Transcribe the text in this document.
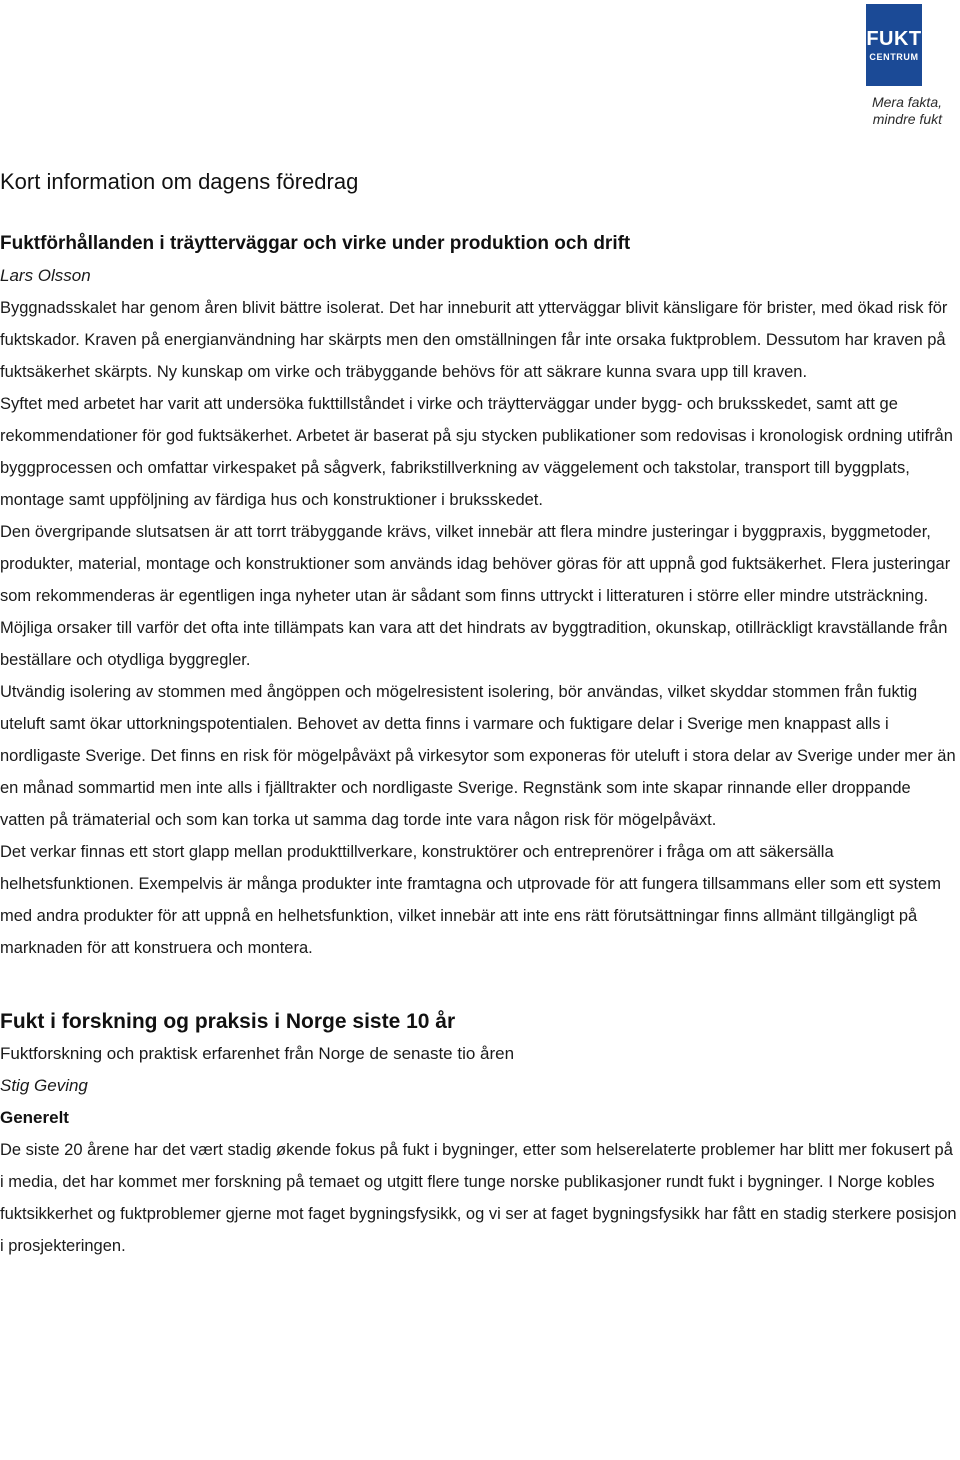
FUKT
CENTRUM
Mera fakta,
mindre fukt
Kort information om dagens föredrag
Fuktförhållanden i träytterväggar och virke under produktion och drift

Lars Olsson

Byggnadsskalet har genom åren blivit bättre isolerat. Det har inneburit att ytterväggar blivit känsligare för brister, med ökad risk för fuktskador. Kraven på energianvändning har skärpts men den omställningen får inte orsaka fuktproblem. Dessutom har kraven på fuktsäkerhet skärpts. Ny kunskap om virke och träbyggande behövs för att säkrare kunna svara upp till kraven.

Syftet med arbetet har varit att undersöka fukttillståndet i virke och träytterväggar under bygg- och bruksskedet, samt att ge rekommendationer för god fuktsäkerhet. Arbetet är baserat på sju stycken publikationer som redovisas i kronologisk ordning utifrån byggprocessen och omfattar virkespaket på sågverk, fabrikstillverkning av väggelement och takstolar, transport till byggplats, montage samt uppföljning av färdiga hus och konstruktioner i bruksskedet.

Den övergripande slutsatsen är att torrt träbyggande krävs, vilket innebär att flera mindre justeringar i byggpraxis, byggmetoder, produkter, material, montage och konstruktioner som används idag behöver göras för att uppnå god fuktsäkerhet. Flera justeringar som rekommenderas är egentligen inga nyheter utan är sådant som finns uttryckt i litteraturen i större eller mindre utsträckning. Möjliga orsaker till varför det ofta inte tillämpats kan vara att det hindrats av byggtradition, okunskap, otillräckligt kravställande från beställare och otydliga byggregler.

Utvändig isolering av stommen med ångöppen och mögelresistent isolering, bör användas, vilket skyddar stommen från fuktig uteluft samt ökar uttorkningspotentialen. Behovet av detta finns i varmare och fuktigare delar i Sverige men knappast alls i nordligaste Sverige. Det finns en risk för mögelpåväxt på virkesytor som exponeras för uteluft i stora delar av Sverige under mer än en månad sommartid men inte alls i fjälltrakter och nordligaste Sverige. Regnstänk som inte skapar rinnande eller droppande vatten på trämaterial och som kan torka ut samma dag torde inte vara någon risk för mögelpåväxt.

Det verkar finnas ett stort glapp mellan produkttillverkare, konstruktörer och entreprenörer i fråga om att säkersälla helhetsfunktionen. Exempelvis är många produkter inte framtagna och utprovade för att fungera tillsammans eller som ett system med andra produkter för att uppnå en helhetsfunktion, vilket innebär att inte ens rätt förutsättningar finns allmänt tillgängligt på marknaden för att konstruera och montera.

Fukt i forskning og praksis i Norge siste 10 år

Fuktforskning och praktisk erfarenhet från Norge de senaste tio åren

Stig Geving

Generelt

De siste 20 årene har det vært stadig økende fokus på fukt i bygninger, etter som helserelaterte problemer har blitt mer fokusert på i media, det har kommet mer forskning på temaet og utgitt flere tunge norske publikasjoner rundt fukt i bygninger. I Norge kobles fuktsikkerhet og fuktproblemer gjerne mot faget bygningsfysikk, og vi ser at faget bygningsfysikk har fått en stadig sterkere posisjon i prosjekteringen.
